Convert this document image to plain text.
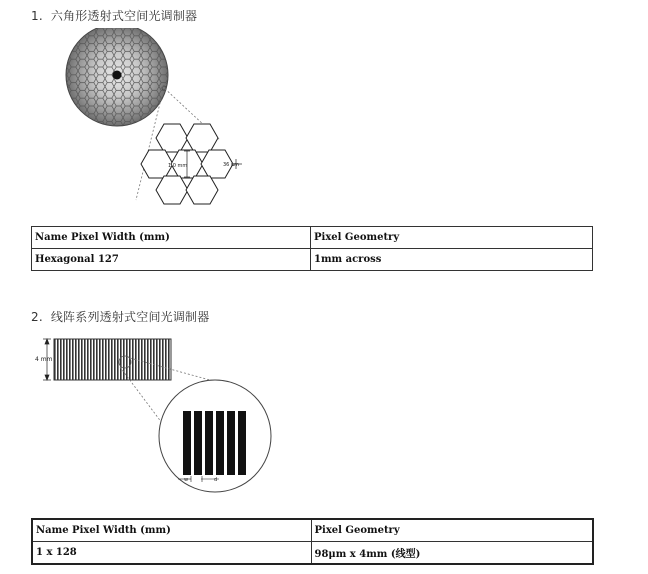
1. 六角形透射式空间光调制器
1.0 mm	36 μm
Name Pixel Width (mm)	Pixel Geometry
Hexagonal 127	1mm across
2. 线阵系列透射式空间光调制器
4 mm
w	d
Name Pixel Width (mm)	Pixel Geometry
1 x 128	98μm x 4mm (线型)
